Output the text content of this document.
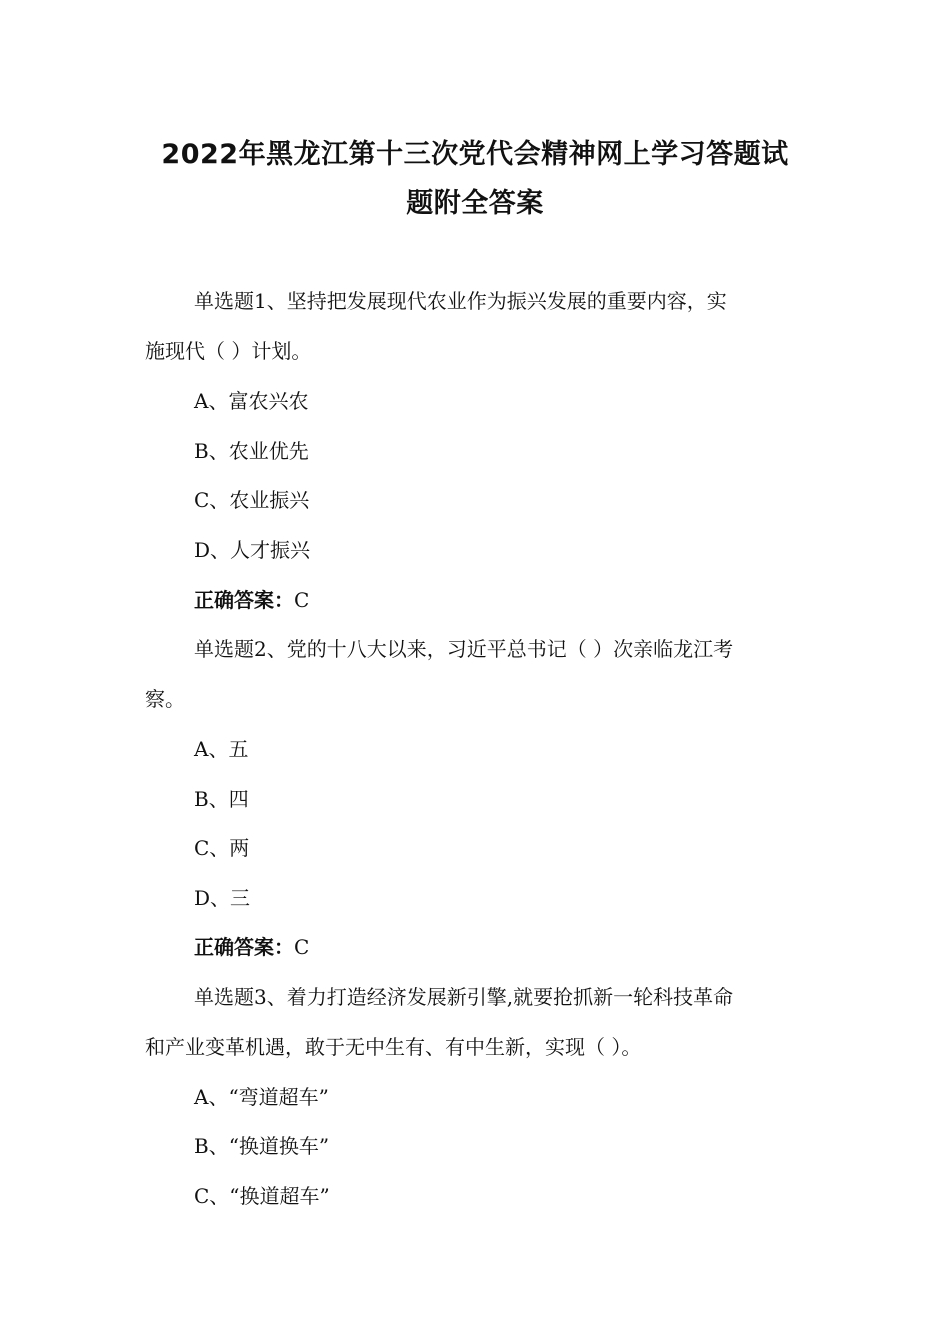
2022年黑龙江第十三次党代会精神网上学习答题试
题附全答案
单选题1、坚持把发展现代农业作为振兴发展的重要内容，实
施现代（ ）计划。
A、富农兴农
B、农业优先
C、农业振兴
D、人才振兴
正确答案：C
单选题2、党的十八大以来，习近平总书记（ ）次亲临龙江考
察。
A、五
B、四
C、两
D、三
正确答案：C
单选题3、着力打造经济发展新引擎,就要抢抓新一轮科技革命
和产业变革机遇，敢于无中生有、有中生新，实现（ ）。
A、“弯道超车”
B、“换道换车”
C、“换道超车”
